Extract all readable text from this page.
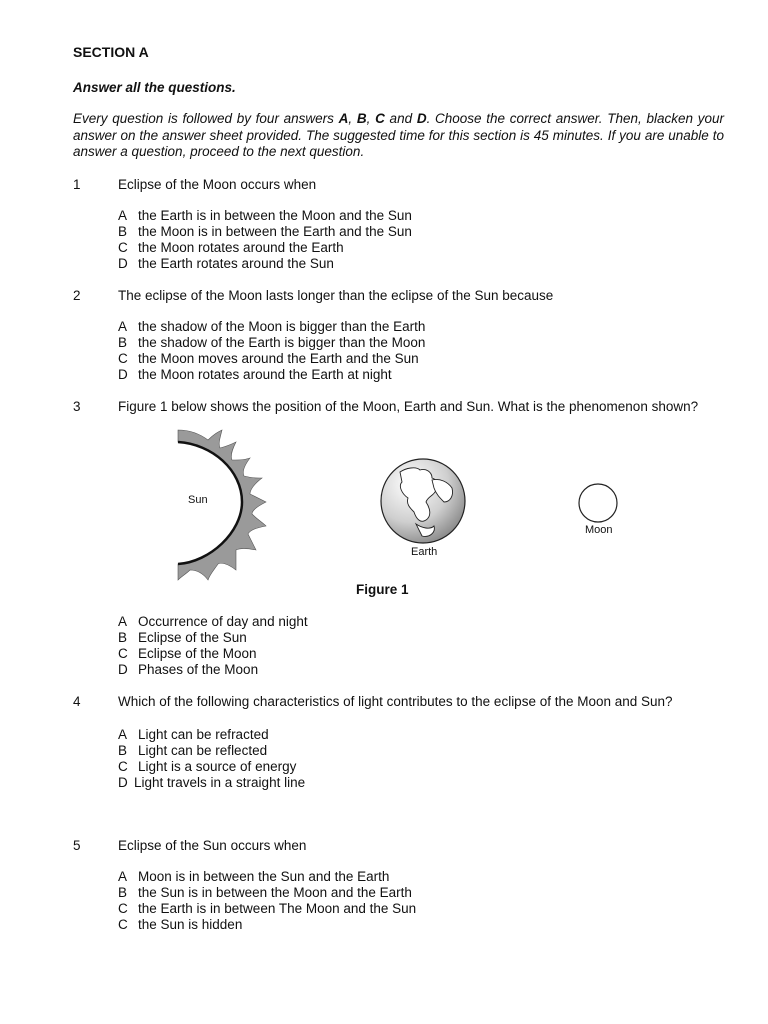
SECTION A
Answer all the questions.
Every question is followed by four answers A, B, C and D. Choose the correct answer. Then, blacken your answer on the answer sheet provided. The suggested time for this section is 45 minutes. If you are unable to answer a question, proceed to the next question.
1	Eclipse of the Moon occurs when
A the Earth is in between the Moon and the Sun
B the Moon is in between the Earth and the Sun
C the Moon rotates around the Earth
D the Earth rotates around the Sun
2	The eclipse of the Moon lasts longer than the eclipse of the Sun because
A the shadow of the Moon is bigger than the Earth
B the shadow of the Earth is bigger than the Moon
C the Moon moves around the Earth and the Sun
D the Moon rotates around the Earth at night
3	Figure 1 below shows the position of the Moon, Earth and Sun. What is the phenomenon shown?
Sun
Earth
Moon
Figure 1
A Occurrence of day and night
B Eclipse of the Sun
C Eclipse of the Moon
D Phases of the Moon
4	Which of the following characteristics of light contributes to the eclipse of the Moon and Sun?
A Light can be refracted
B Light can be reflected
C Light is a source of energy
D Light travels in a straight line
5	Eclipse of the Sun occurs when
A Moon is in between the Sun and the Earth
B the Sun is in between the Moon and the Earth
C the Earth is in between The Moon and the Sun
C the Sun is hidden
